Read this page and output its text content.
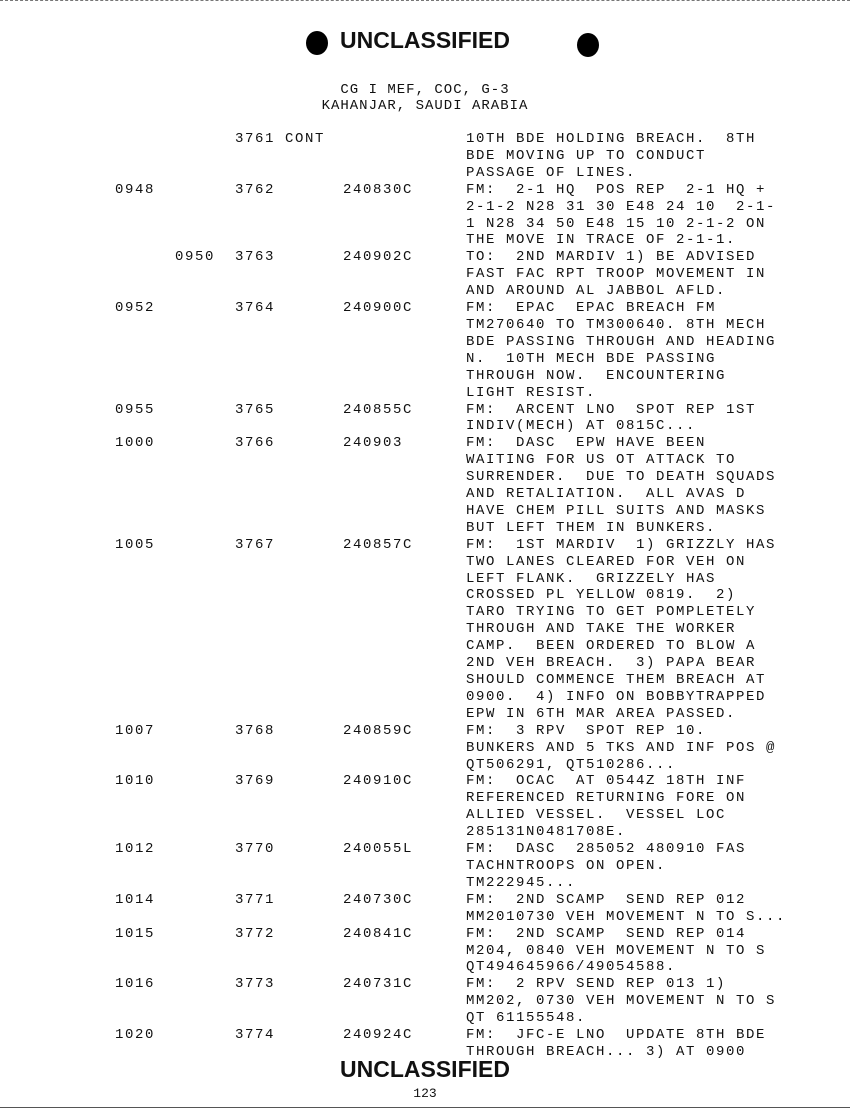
UNCLASSIFIED
CG I MEF, COC, G-3
KAHANJAR, SAUDI ARABIA
3761 CONT	10TH BDE HOLDING BREACH.  8TH
BDE MOVING UP TO CONDUCT
PASSAGE OF LINES.
0948	3762	240830C	FM:  2-1 HQ  POS REP  2-1 HQ +
2-1-2 N28 31 30 E48 24 10  2-1-
1 N28 34 50 E48 15 10 2-1-2 ON
THE MOVE IN TRACE OF 2-1-1.
0950 3763	240902C	TO:  2ND MARDIV 1) BE ADVISED
FAST FAC RPT TROOP MOVEMENT IN
AND AROUND AL JABBOL AFLD.
0952	3764	240900C	FM:  EPAC  EPAC BREACH FM
TM270640 TO TM300640. 8TH MECH
BDE PASSING THROUGH AND HEADING
N.  10TH MECH BDE PASSING
THROUGH NOW.  ENCOUNTERING
LIGHT RESIST.
0955	3765	240855C	FM:  ARCENT LNO  SPOT REP 1ST
INDIV(MECH) AT 0815C...
1000	3766	240903	FM:  DASC  EPW HAVE BEEN
WAITING FOR US OT ATTACK TO
SURRENDER.  DUE TO DEATH SQUADS
AND RETALIATION.  ALL AVAS D
HAVE CHEM PILL SUITS AND MASKS
BUT LEFT THEM IN BUNKERS.
1005	3767	240857C	FM:  1ST MARDIV  1) GRIZZLY HAS
TWO LANES CLEARED FOR VEH ON
LEFT FLANK.  GRIZZELY HAS
CROSSED PL YELLOW 0819.  2)
TARO TRYING TO GET POMPLETELY
THROUGH AND TAKE THE WORKER
CAMP.  BEEN ORDERED TO BLOW A
2ND VEH BREACH.  3) PAPA BEAR
SHOULD COMMENCE THEM BREACH AT
0900.  4) INFO ON BOBBYTRAPPED
EPW IN 6TH MAR AREA PASSED.
1007	3768	240859C	FM:  3 RPV  SPOT REP 10.
BUNKERS AND 5 TKS AND INF POS @
QT506291, QT510286...
1010	3769	240910C	FM:  OCAC  AT 0544Z 18TH INF
REFERENCED RETURNING FORE ON
ALLIED VESSEL.  VESSEL LOC
285131N0481708E.
1012	3770	240055L	FM:  DASC  285052 480910 FAS
TACHNTROOPS ON OPEN.
TM222945...
1014	3771	240730C	FM:  2ND SCAMP  SEND REP 012
MM2010730 VEH MOVEMENT N TO S...
1015	3772	240841C	FM:  2ND SCAMP  SEND REP 014
M204, 0840 VEH MOVEMENT N TO S
QT494645966/49054588.
1016	3773	240731C	FM:  2 RPV SEND REP 013 1)
MM202, 0730 VEH MOVEMENT N TO S
QT 61155548.
1020	3774	240924C	FM:  JFC-E LNO  UPDATE 8TH BDE
THROUGH BREACH... 3) AT 0900
UNCLASSIFIED
123
